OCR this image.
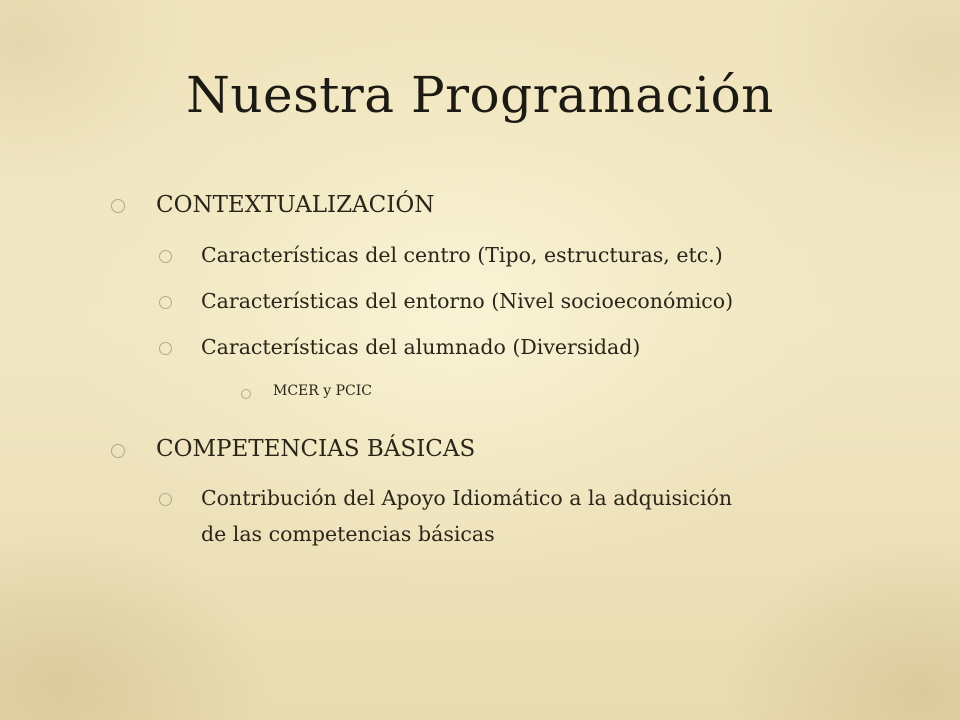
Nuestra Programación
CONTEXTUALIZACIÓN
Características del centro (Tipo, estructuras, etc.)
Características del entorno (Nivel socioeconómico)
Características del alumnado (Diversidad)
MCER y PCIC
COMPETENCIAS BÁSICAS
Contribución del Apoyo Idiomático a la adquisición de las competencias básicas
